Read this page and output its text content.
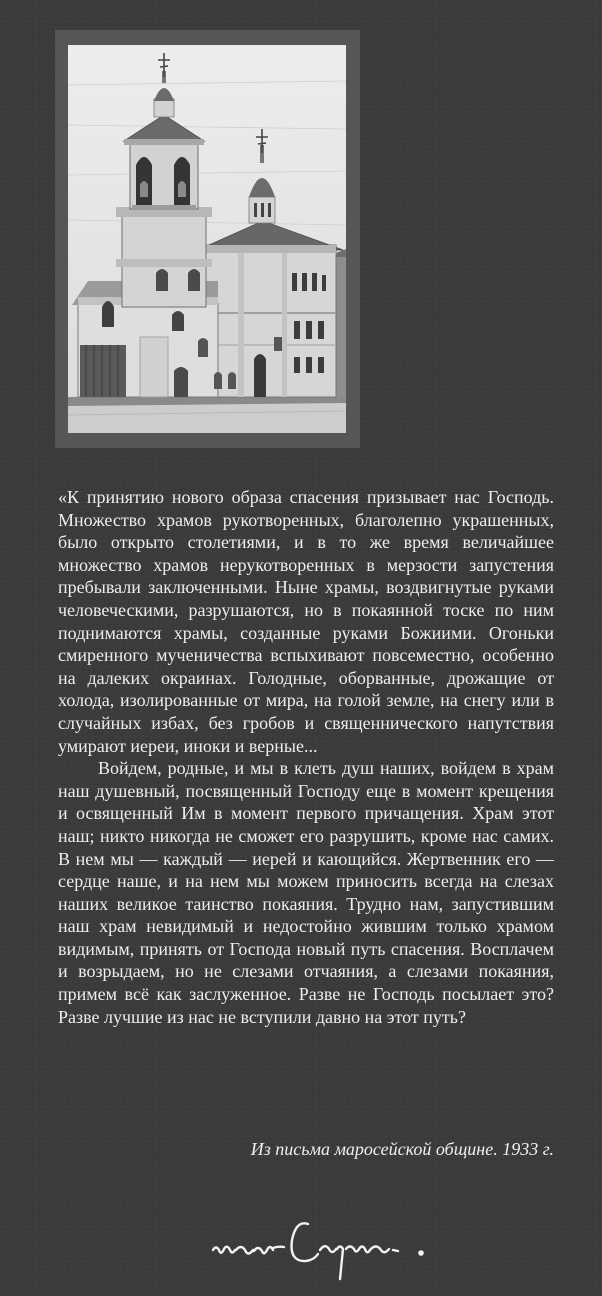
«К принятию нового образа спасения призывает нас Господь. Множество храмов рукотворенных, благолепно украшенных, было открыто столетиями, и в то же время величайшее множество храмов нерукотворенных в мерзости запустения пребывали заключенными. Ныне храмы, воздвигнутые руками человеческими, разрушаются, но в покаянной тоске по ним поднимаются храмы, созданные руками Божиими. Огоньки смиренного мученичества вспыхивают повсеместно, особенно на далеких окраинах. Голодные, оборванные, дрожащие от холода, изолированные от мира, на голой земле, на снегу или в случайных избах, без гробов и священнического напутствия умирают иереи, иноки и верные...

Войдем, родные, и мы в клеть душ наших, войдем в храм наш душевный, посвященный Господу еще в момент крещения и освященный Им в момент первого причащения. Храм этот наш; никто никогда не сможет его разрушить, кроме нас самих. В нем мы — каждый — иерей и кающийся. Жертвенник его — сердце наше, и на нем мы можем приносить всегда на слезах наших великое таинство покаяния. Трудно нам, запустившим наш храм невидимый и недостойно жившим только храмом видимым, принять от Господа новый путь спасения. Восплачем и возрыдаем, но не слезами отчаяния, а слезами покаяния, примем всё как заслуженное. Разве не Господь посылает это? Разве лучшие из нас не вступили давно на этот путь?

Из письма маросейской общине. 1933 г.
